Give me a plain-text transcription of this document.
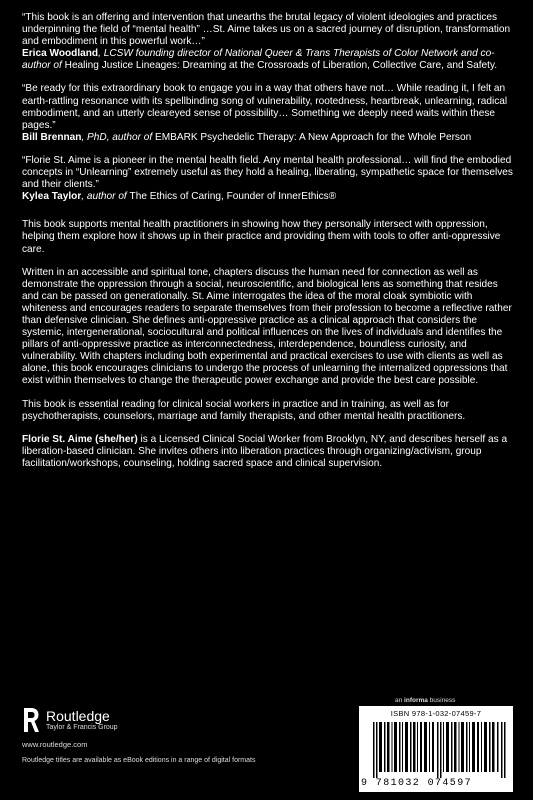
“This book is an offering and intervention that unearths the brutal legacy of violent ideologies and practices underpinning the field of “mental health” …St. Aime takes us on a sacred journey of disruption, transformation and embodiment in this powerful work…”
Erica Woodland, LCSW founding director of National Queer & Trans Therapists of Color Network and co-author of Healing Justice Lineages: Dreaming at the Crossroads of Liberation, Collective Care, and Safety.

“Be ready for this extraordinary book to engage you in a way that others have not… While reading it, I felt an earth-rattling resonance with its spellbinding song of vulnerability, rootedness, heartbreak, unlearning, radical embodiment, and an utterly cleareyed sense of possibility… Something we deeply need waits within these pages.”
Bill Brennan, PhD, author of EMBARK Psychedelic Therapy: A New Approach for the Whole Person

“Florie St. Aime is a pioneer in the mental health field. Any mental health professional… will find the embodied concepts in “Unlearning” extremely useful as they hold a healing, liberating, sympathetic space for themselves and their clients.”
Kylea Taylor, author of The Ethics of Caring, Founder of InnerEthics®

This book supports mental health practitioners in showing how they personally intersect with oppression, helping them explore how it shows up in their practice and providing them with tools to offer anti-oppressive care.

Written in an accessible and spiritual tone, chapters discuss the human need for connection as well as demonstrate the oppression through a social, neuroscientific, and biological lens as something that resides and can be passed on generationally. St. Aime interrogates the idea of the moral cloak symbiotic with whiteness and encourages readers to separate themselves from their profession to become a reflective rather than defensive clinician. She defines anti-oppressive practice as a clinical approach that considers the systemic, intergenerational, sociocultural and political influences on the lives of individuals and identifies the pillars of anti-oppressive practice as interconnectedness, interdependence, boundless curiosity, and vulnerability. With chapters including both experimental and practical exercises to use with clients as well as alone, this book encourages clinicians to undergo the process of unlearning the internalized oppressions that exist within themselves to change the therapeutic power exchange and provide the best care possible.

This book is essential reading for clinical social workers in practice and in training, as well as for psychotherapists, counselors, marriage and family therapists, and other mental health practitioners.

Florie St. Aime (she/her) is a Licensed Clinical Social Worker from Brooklyn, NY, and describes herself as a liberation-based clinician. She invites others into liberation practices through organizing/activism, group facilitation/workshops, counseling, holding sacred space and clinical supervision.

an informa business
Routledge
Taylor & Francis Group
www.routledge.com
ISBN 978-1-032-07459-7
9 781032 074597
Routledge titles are available as eBook editions in a range of digital formats
